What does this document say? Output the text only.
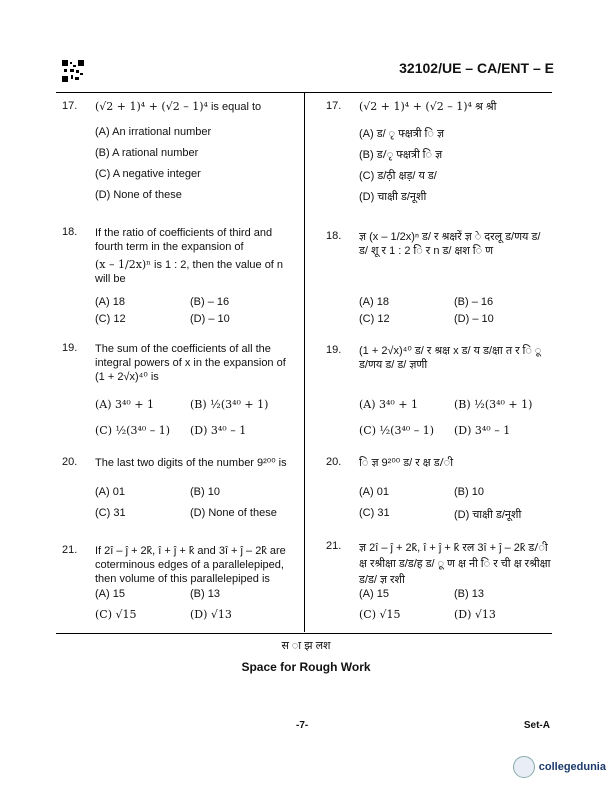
32102/UE – CA/ENT – E
17. (√2 + 1)⁴ + (√2 – 1)⁴ is equal to
(A) An irrational number
(B) A rational number
(C) A negative integer
(D) None of these
18. If the ratio of coefficients of third and fourth term in the expansion of
(x – 1/2x)ⁿ is 1 : 2, then the value of n will be
(A) 18	(B) – 16
(C) 12	(D) – 10
19. The sum of the coefficients of all the integral powers of x in the expansion of (1 + 2√x)⁴⁰ is
(A) 3⁴⁰ + 1	(B) ½(3⁴⁰ + 1)
(C) ½(3⁴⁰ – 1) (D) 3⁴⁰ – 1
20. The last two digits of the number 9²⁰⁰ is
(A) 01	(B) 10
(C) 31	(D) None of these
21. If 2î – ĵ + 2k̂, î + ĵ + k̂ and 3î + ĵ – 2k̂ are coterminous edges of a parallelepiped, then volume of this parallelepiped is
(A) 15	(B) 13
(C) √15	(D) √13
17. (√2 + 1)⁴ + (√2 – 1)⁴ श्र श्री
(A) ड/ ृ फ्क्षत्री ि ज्ञ
(B) ड/ृ फ्क्षत्री ि ज्ञ
(C) ड/ठ़ी क्षड़/ य ड/
(D) चाक्षी ड/नूशी
18. ज्ञ (x – 1/2x)ⁿ ड/ र श्रक्षरें ज्ञ े दरलू ड/णय ड/ ड/ शू र 1 : 2 ि र n ड/ क्षश ि ण
(A) 18	(B) – 16
(C) 12	(D) – 10
19. (1 + 2√x)⁴⁰ ड/ र श्रक्ष x ड/ य ड/क्षा त र ि ू ड/णय ड/ ड/ ज्ञणी
(A) 3⁴⁰ + 1	(B) ½(3⁴⁰ + 1)
(C) ½(3⁴⁰ – 1) (D) 3⁴⁰ – 1
20. ि ज्ञ 9²⁰⁰ ड/ र क्ष ड/ी
(A) 01	(B) 10
(C) 31	(D) चाक्षी ड/नूशी
21. ज्ञ 2î – ĵ + 2k̂, î + ĵ + k̂ रल 3î + ĵ – 2k̂ ड/ी क्ष रश्रीक्षा ड/ड/ह ड/ ू ण क्ष नी ि र ची क्ष रश्रीक्षा ड/ड/ ज्ञ रशी
(A) 15	(B) 13
(C) √15	(D) √13
स ा झ लश
Space for Rough Work
-7-	Set-A
collegedunia
